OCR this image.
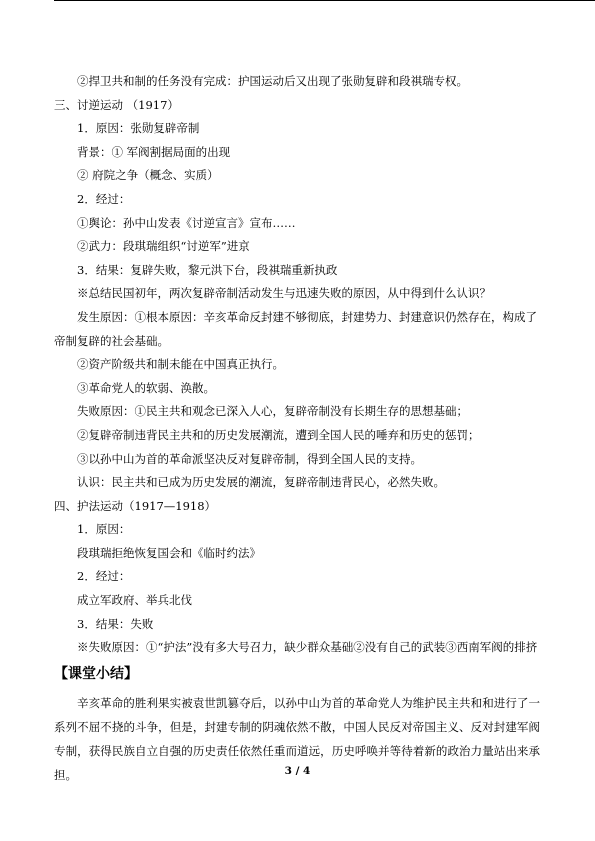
②捍卫共和制的任务没有完成：护国运动后又出现了张勋复辟和段祺瑞专权。
三、讨逆运动 （1917）
1．原因：张勋复辟帝制
背景：① 军阀割据局面的出现
② 府院之争（概念、实质）
2．经过：
①舆论：孙中山发表《讨逆宣言》宣布……
②武力：段琪瑞组织“讨逆军”进京
3．结果：复辟失败，黎元洪下台，段祺瑞重新执政
※总结民国初年，两次复辟帝制活动发生与迅速失败的原因，从中得到什么认识？
发生原因：①根本原因：辛亥革命反封建不够彻底，封建势力、封建意识仍然存在，构成了帝制复辟的社会基础。
②资产阶级共和制未能在中国真正执行。
③革命党人的软弱、涣散。
失败原因：①民主共和观念已深入人心，复辟帝制没有长期生存的思想基础；
②复辟帝制违背民主共和的历史发展潮流，遭到全国人民的唾弃和历史的惩罚；
③以孙中山为首的革命派坚决反对复辟帝制，得到全国人民的支持。
认识：民主共和已成为历史发展的潮流，复辟帝制违背民心，必然失败。
四、护法运动（1917—1918）
1．原因：
段琪瑞拒绝恢复国会和《临时约法》
2．经过：
成立军政府、举兵北伐
3．结果：失败
※失败原因：①“护法”没有多大号召力，缺少群众基础②没有自己的武装③西南军阀的排挤
【课堂小结】
辛亥革命的胜利果实被袁世凯篡夺后，以孙中山为首的革命党人为维护民主共和和进行了一系列不屈不挠的斗争，但是，封建专制的阴魂依然不散，中国人民反对帝国主义、反对封建军阀专制，获得民族自立自强的历史责任依然任重而道远，历史呼唤并等待着新的政治力量站出来承担。	3 / 4
